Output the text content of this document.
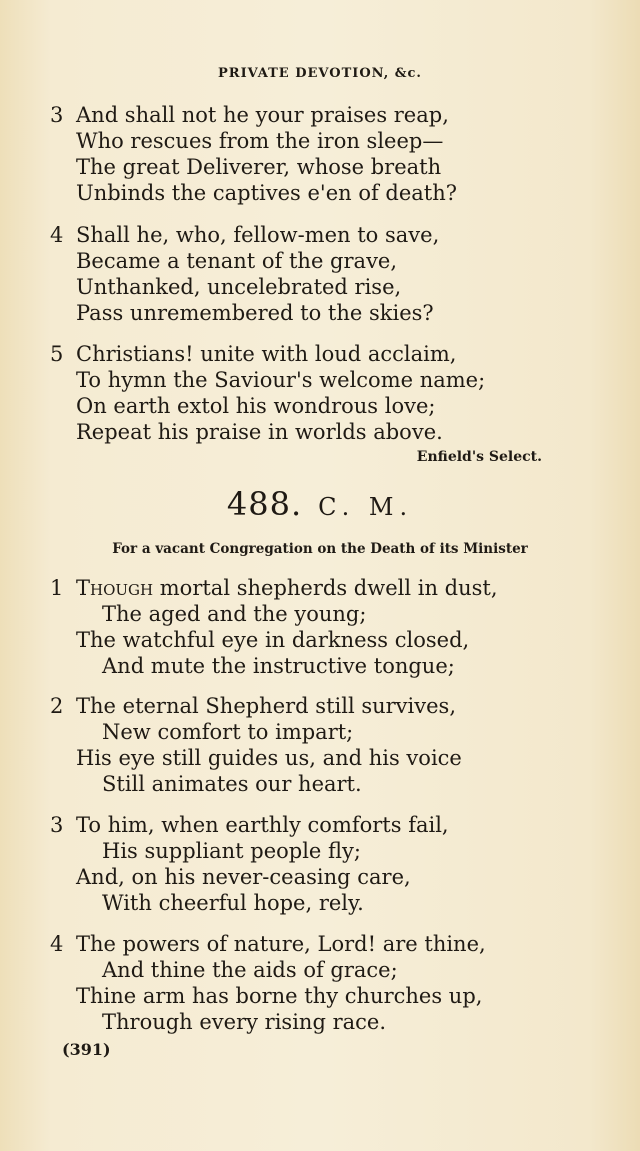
PRIVATE DEVOTION, &c.
3 And shall not he your praises reap,
Who rescues from the iron sleep—
The great Deliverer, whose breath
Unbinds the captives e'en of death?
4 Shall he, who, fellow-men to save,
Became a tenant of the grave,
Unthanked, uncelebrated rise,
Pass unremembered to the skies?
5 Christians! unite with loud acclaim,
To hymn the Saviour's welcome name;
On earth extol his wondrous love;
Repeat his praise in worlds above.
Enfield's Select.
488. C. M.
For a vacant Congregation on the Death of its Minister
1 Though mortal shepherds dwell in dust,
The aged and the young;
The watchful eye in darkness closed,
And mute the instructive tongue;
2 The eternal Shepherd still survives,
New comfort to impart;
His eye still guides us, and his voice
Still animates our heart.
3 To him, when earthly comforts fail,
His suppliant people fly;
And, on his never-ceasing care,
With cheerful hope, rely.
4 The powers of nature, Lord! are thine,
And thine the aids of grace;
Thine arm has borne thy churches up,
Through every rising race.
(391)
